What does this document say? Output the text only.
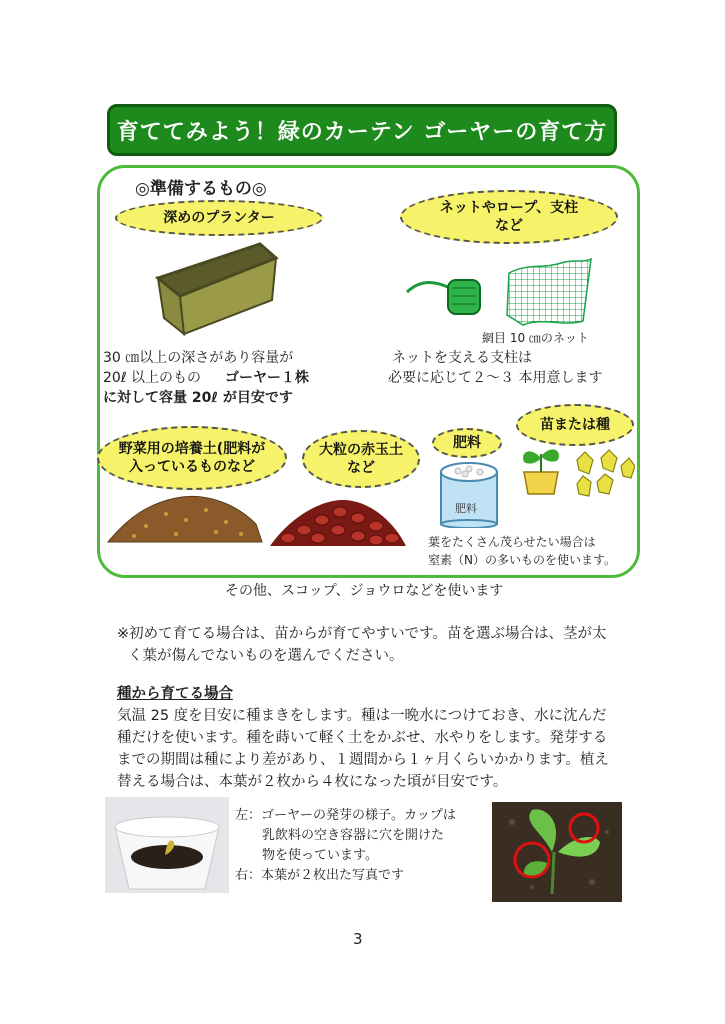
育ててみよう！緑のカーテン ゴーヤーの育て方
◎準備するもの◎
深めのプランター
30 ㎝以上の深さがあり容量が
20ℓ 以上のもの ゴーヤー１株
に対して容量 20ℓ が目安です
ネットやロープ、支柱など
網目 10 ㎝のネット
ネットを支える支柱は
必要に応じて２～３ 本用意します
野菜用の培養土(肥料が入っているものなど
大粒の赤玉土など
肥料
肥料
葉をたくさん茂らせたい場合は
窒素（N）の多いものを使います。
苗または種
その他、スコップ、ジョウロなどを使います
※初めて育てる場合は、苗からが育てやすいです。苗を選ぶ場合は、茎が太
く葉が傷んでないものを選んでください。
種から育てる場合
気温 25 度を目安に種まきをします。種は一晩水につけておき、水に沈んだ
種だけを使います。種を蒔いて軽く土をかぶせ、水やりをします。発芽する
までの期間は種により差があり、１週間から１ヶ月くらいかかります。植え
替える場合は、本葉が２枚から４枚になった頃が目安です。
左：ゴーヤーの発芽の様子。カップは
乳飲料の空き容器に穴を開けた
物を使っています。
右：本葉が２枚出た写真です
3
